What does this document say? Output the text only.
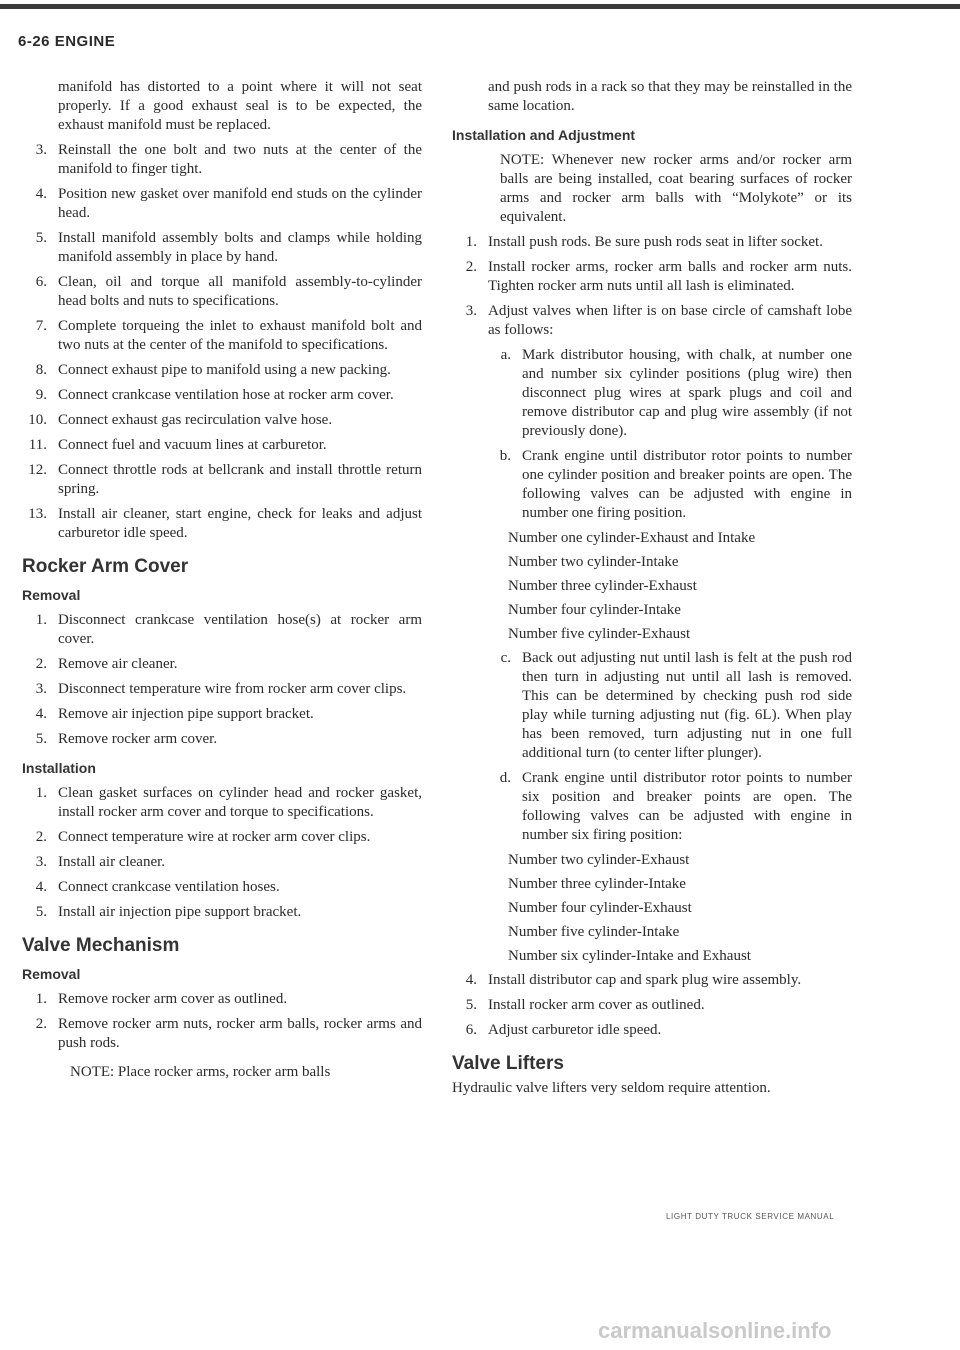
6-26 ENGINE
manifold has distorted to a point where it will not seat properly. If a good exhaust seal is to be expected, the exhaust manifold must be replaced.
3. Reinstall the one bolt and two nuts at the center of the manifold to finger tight.
4. Position new gasket over manifold end studs on the cylinder head.
5. Install manifold assembly bolts and clamps while holding manifold assembly in place by hand.
6. Clean, oil and torque all manifold assembly-to-cylinder head bolts and nuts to specifications.
7. Complete torqueing the inlet to exhaust manifold bolt and two nuts at the center of the manifold to specifications.
8. Connect exhaust pipe to manifold using a new packing.
9. Connect crankcase ventilation hose at rocker arm cover.
10. Connect exhaust gas recirculation valve hose.
11. Connect fuel and vacuum lines at carburetor.
12. Connect throttle rods at bellcrank and install throttle return spring.
13. Install air cleaner, start engine, check for leaks and adjust carburetor idle speed.
Rocker Arm Cover
Removal
1. Disconnect crankcase ventilation hose(s) at rocker arm cover.
2. Remove air cleaner.
3. Disconnect temperature wire from rocker arm cover clips.
4. Remove air injection pipe support bracket.
5. Remove rocker arm cover.
Installation
1. Clean gasket surfaces on cylinder head and rocker gasket, install rocker arm cover and torque to specifications.
2. Connect temperature wire at rocker arm cover clips.
3. Install air cleaner.
4. Connect crankcase ventilation hoses.
5. Install air injection pipe support bracket.
Valve Mechanism
Removal
1. Remove rocker arm cover as outlined.
2. Remove rocker arm nuts, rocker arm balls, rocker arms and push rods.
NOTE: Place rocker arms, rocker arm balls
and push rods in a rack so that they may be reinstalled in the same location.
Installation and Adjustment
NOTE: Whenever new rocker arms and/or rocker arm balls are being installed, coat bearing surfaces of rocker arms and rocker arm balls with “Molykote” or its equivalent.
1. Install push rods. Be sure push rods seat in lifter socket.
2. Install rocker arms, rocker arm balls and rocker arm nuts. Tighten rocker arm nuts until all lash is eliminated.
3. Adjust valves when lifter is on base circle of camshaft lobe as follows:
a. Mark distributor housing, with chalk, at number one and number six cylinder positions (plug wire) then disconnect plug wires at spark plugs and coil and remove distributor cap and plug wire assembly (if not previously done).
b. Crank engine until distributor rotor points to number one cylinder position and breaker points are open. The following valves can be adjusted with engine in number one firing position.
Number one cylinder-Exhaust and Intake
Number two cylinder-Intake
Number three cylinder-Exhaust
Number four cylinder-Intake
Number five cylinder-Exhaust
c. Back out adjusting nut until lash is felt at the push rod then turn in adjusting nut until all lash is removed. This can be determined by checking push rod side play while turning adjusting nut (fig. 6L). When play has been removed, turn adjusting nut in one full additional turn (to center lifter plunger).
d. Crank engine until distributor rotor points to number six position and breaker points are open. The following valves can be adjusted with engine in number six firing position:
Number two cylinder-Exhaust
Number three cylinder-Intake
Number four cylinder-Exhaust
Number five cylinder-Intake
Number six cylinder-Intake and Exhaust
4. Install distributor cap and spark plug wire assembly.
5. Install rocker arm cover as outlined.
6. Adjust carburetor idle speed.
Valve Lifters
Hydraulic valve lifters very seldom require attention.
LIGHT DUTY TRUCK SERVICE MANUAL
carmanualsonline.info
